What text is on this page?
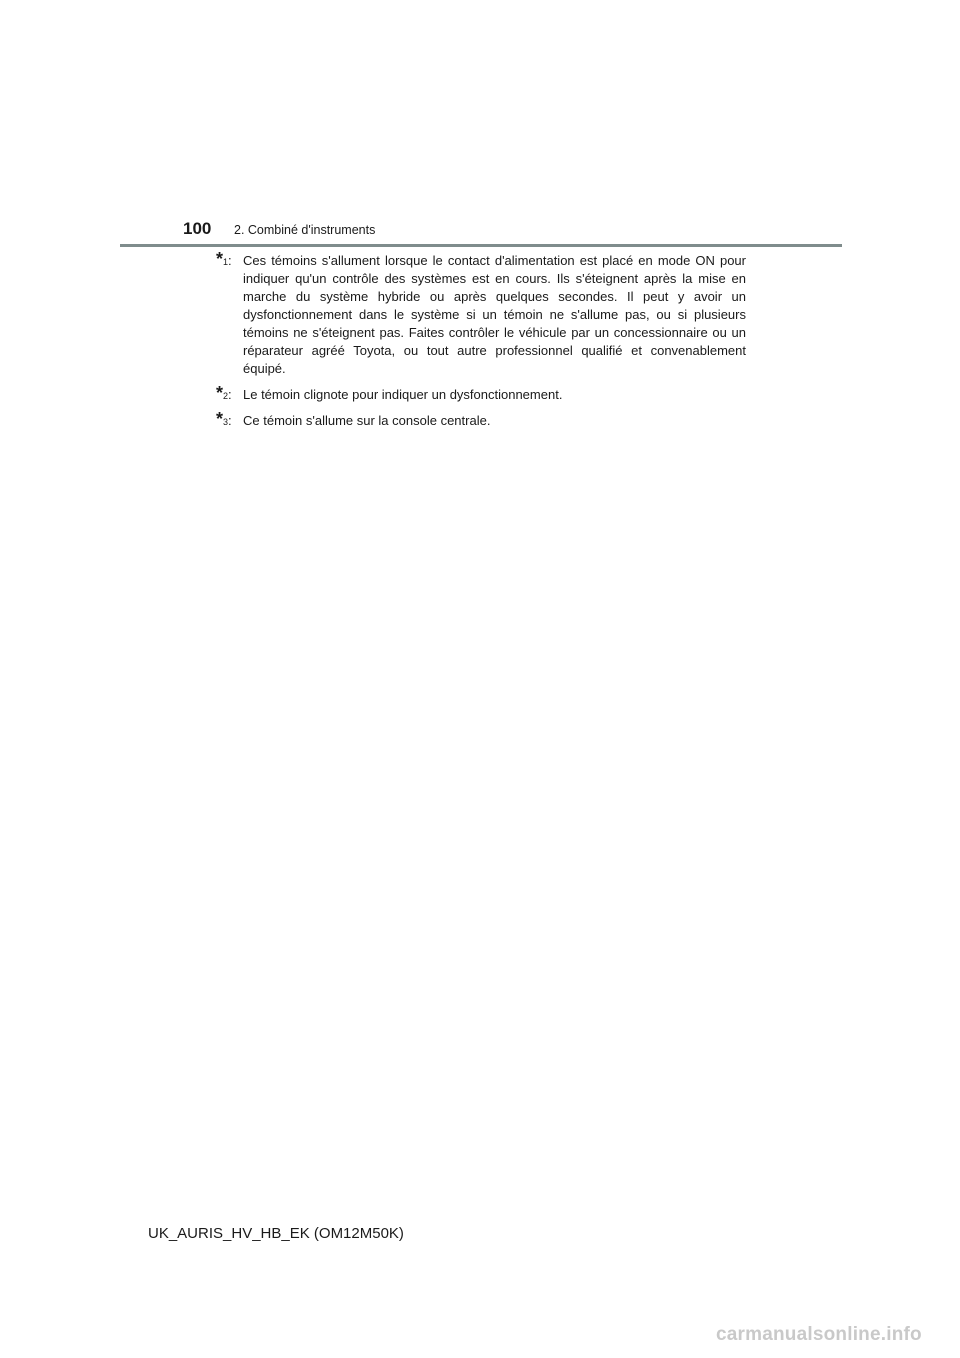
100 2. Combiné d'instruments
*$^1$: Ces témoins s'allument lorsque le contact d'alimentation est placé en mode ON pour indiquer qu'un contrôle des systèmes est en cours. Ils s'éteignent après la mise en marche du système hybride ou après quelques secondes. Il peut y avoir un dysfonctionnement dans le système si un témoin ne s'allume pas, ou si plusieurs témoins ne s'éteignent pas. Faites contrôler le véhicule par un concessionnaire ou un réparateur agréé Toyota, ou tout autre professionnel qualifié et convenablement équipé.
*$^2$: Le témoin clignote pour indiquer un dysfonctionnement.
*$^3$: Ce témoin s'allume sur la console centrale.
UK_AURIS_HV_HB_EK (OM12M50K)
carmanualsonline.info
